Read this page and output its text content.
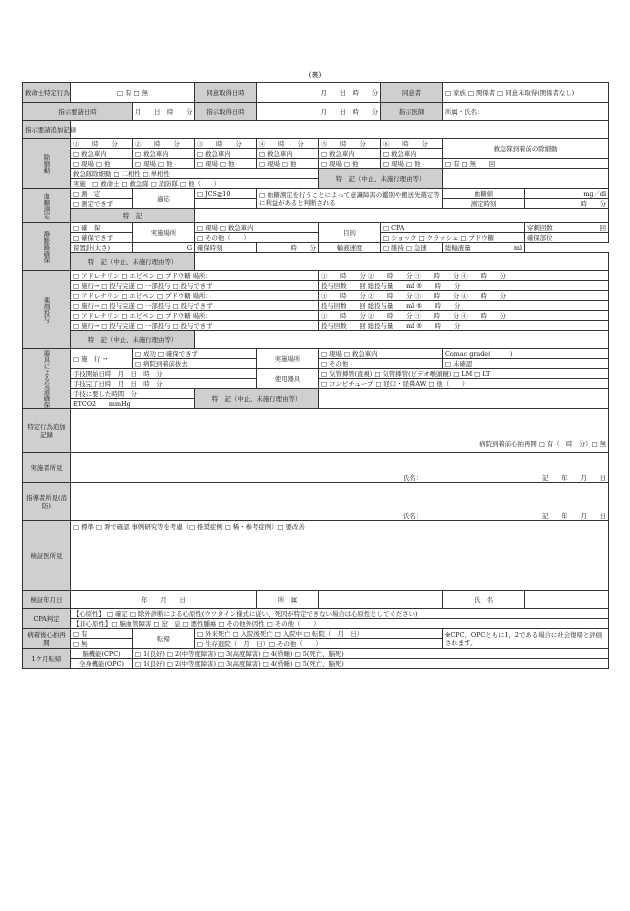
(裏)
救命士特定行為	□ 有 □ 無		同意取得日時	月　　日　時　　分		同意者	□ 家族 □ 関係者 □ 同意未取得(関係者なし)	
指示要請日時		月　　日　時　　分	指示取得日時	月　　日　時　　分		指示医師	所属・氏名：	
指示要請追加記録								
除細動	①　　時　　分	②　　時　　分	③　　時　　分	④　　時　　分	⑤　　時　　分	⑥　　時　　分	救急隊到着前の除細動	
	□ 救急車内	□ 救急車内	□ 救急車内	□ 救急車内	□ 救急車内	□ 救急車内		
	□ 現場 □ 他	□ 現場 □ 他	□ 現場 □ 他	□ 現場 □ 他	□ 現場 □ 他	□ 現場 □ 他	□ 有 □ 無　　回	
	救急隊除細動 □ 二相性 □ 単相性				特　記（中止、未施行理由等）			
	実施　□ 救命士 □ 救急隊 □ 消防隊 □ 他（　　）							
血糖測定	□ 測　定	適応	□ JCS≧10	□ 血糖測定を行うことによって意識障害の鑑別や搬送先選定等に利益があると判断される			血糖値	mg／dl
	□ 測定できず						測定時刻	時　　分
	特　記							
静脈路確保	□ 確　保	実施場所	□ 現場 □ 救急車内		目的	□ CPA		穿刺回数 回

	□ 確保できず		□ その他（　　）			□ ショック □ クラッシュ □ ブドウ糖		確保部位
	留置針(太さ)	G	確保時刻	時　　分	輸液速度	□ 維持 □ 急速	総輸液量 ml	

	特　記（中止、未施行理由等）							
薬剤投与	□ アドレナリン □ エピペン □ ブドウ糖 場所：				①　　時　　分 ②　　時　　分 ③　　時　　分 ④　　時　　分			
	□ 施行→ □ 投与完遂 □ 一部投与 □ 投与できず				投与回数　　回 総投与量　　ml ⑤　　時　　分			
	□ アドレナリン □ エピペン □ ブドウ糖 場所：				①　　時　　分 ②　　時　　分 ③　　時　　分 ④　　時　　分			
	□ 施行→ □ 投与完遂 □ 一部投与 □ 投与できず				投与回数　　回 総投与量　　ml ⑤　　時　　分			
	□ アドレナリン □ エピペン □ ブドウ糖 場所：				①　　時　　分 ②　　時　　分 ③　　時　　分 ④　　時　　分			
	□ 施行→ □ 投与完遂 □ 一部投与 □ 投与できず				投与回数　　回 総投与量　　ml ⑤　　時　　分			
	特　記（中止、未施行理由等）							
器具による気道確保	□ 施　行 →	□ 成功 □ 確保できず		実施場所	□ 現場 □ 救急車内		Comac grade(　　　)	
		□ 病院到着前抜去			□ その他		□ 未確認	
	手技開始日時　月　日　時　分			使用器具	□ 気管挿管(直視) □ 気管挿管(ビデオ喉頭鏡) □ LM □ LT			
	手技完了日時　月　日　時　分				□ コンビチューブ □ 経口・経鼻AW □ 他（　　）			
	手技に要した時間　分		特　記（中止、未施行理由等）					
	ETCO2　　mmHg							
特定行為追加記録	病院到着前心拍再開 □ 有（　時　分）□ 無							
実施者所見	氏名： 記　　年　　月　　日							

指導者所見(消防)	氏名： 記　　年　　月　　日							

検証医所見	□ 標準 □ 署で確認 事例研究等を考慮（□ 推奨症例 □ 稀・参考症例）□ 要改善							
検証年月日	年　　月　　日			所　属			氏　名	
CPA判定	【心原性】 □ 確定 □ 除外診断による心原性(ウツタイン様式に従い、死因が特定できない場合は心原性としてください)							
	【非心原性】□ 脳血管障害 □ 窒　息 □ 悪性腫瘍 □ その他外因性 □ その他（　　）							
病着後心拍再開	□ 有	転帰	□ 外来死亡 □ 入院後死亡 □ 入院中 □ 転院（　月　日）				※CPC、OPCともに1，2である場合に社会復帰と評価されます。	
	□ 無		□ 生存退院（　月　日）□ その他（　　）					
1ケ月転帰	脳機能(CPC)	□ 1(良好) □ 2(中等度障害) □ 3(高度障害) □ 4(昏睡) □ 5(死亡、脳死)						
	全身機能(OPC)	□ 1(良好) □ 2(中等度障害) □ 3(高度障害) □ 4(昏睡) □ 5(死亡、脳死)						
